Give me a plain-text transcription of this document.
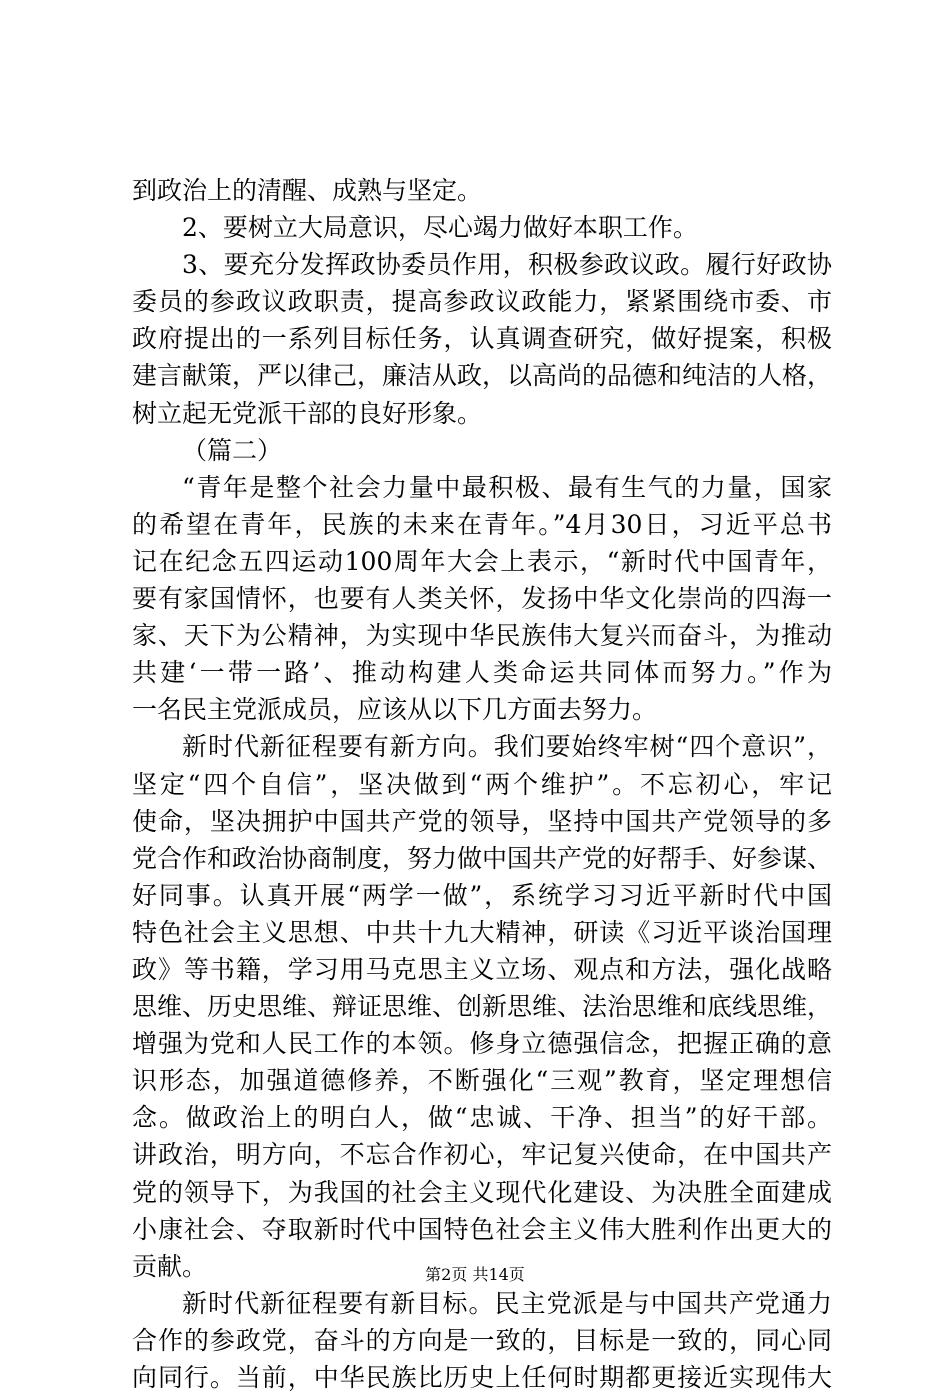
到政治上的清醒、成熟与坚定。

2、要树立大局意识，尽心竭力做好本职工作。

3、要充分发挥政协委员作用，积极参政议政。履行好政协
委员的参政议政职责，提高参政议政能力，紧紧围绕市委、市
政府提出的一系列目标任务，认真调查研究，做好提案，积极
建言献策，严以律己，廉洁从政，以高尚的品德和纯洁的人格，
树立起无党派干部的良好形象。

（篇二）

“青年是整个社会力量中最积极、最有生气的力量，国家
的希望在青年，民族的未来在青年。”4月30日，习近平总书
记在纪念五四运动100周年大会上表示，“新时代中国青年，
要有家国情怀，也要有人类关怀，发扬中华文化崇尚的四海一
家、天下为公精神，为实现中华民族伟大复兴而奋斗，为推动
共建‘一带一路’、推动构建人类命运共同体而努力。”作为
一名民主党派成员，应该从以下几方面去努力。

新时代新征程要有新方向。我们要始终牢树“四个意识”，
坚定“四个自信”，坚决做到“两个维护”。不忘初心，牢记
使命，坚决拥护中国共产党的领导，坚持中国共产党领导的多
党合作和政治协商制度，努力做中国共产党的好帮手、好参谋、
好同事。认真开展“两学一做”，系统学习习近平新时代中国
特色社会主义思想、中共十九大精神，研读《习近平谈治国理
政》等书籍，学习用马克思主义立场、观点和方法，强化战略
思维、历史思维、辩证思维、创新思维、法治思维和底线思维，
增强为党和人民工作的本领。修身立德强信念，把握正确的意
识形态，加强道德修养，不断强化“三观”教育，坚定理想信
念。做政治上的明白人，做“忠诚、干净、担当”的好干部。
讲政治，明方向，不忘合作初心，牢记复兴使命，在中国共产
党的领导下，为我国的社会主义现代化建设、为决胜全面建成
小康社会、夺取新时代中国特色社会主义伟大胜利作出更大的
贡献。

新时代新征程要有新目标。民主党派是与中国共产党通力
合作的参政党，奋斗的方向是一致的，目标是一致的，同心同
向同行。当前，中华民族比历史上任何时期都更接近实现伟大

第2页 共14页
